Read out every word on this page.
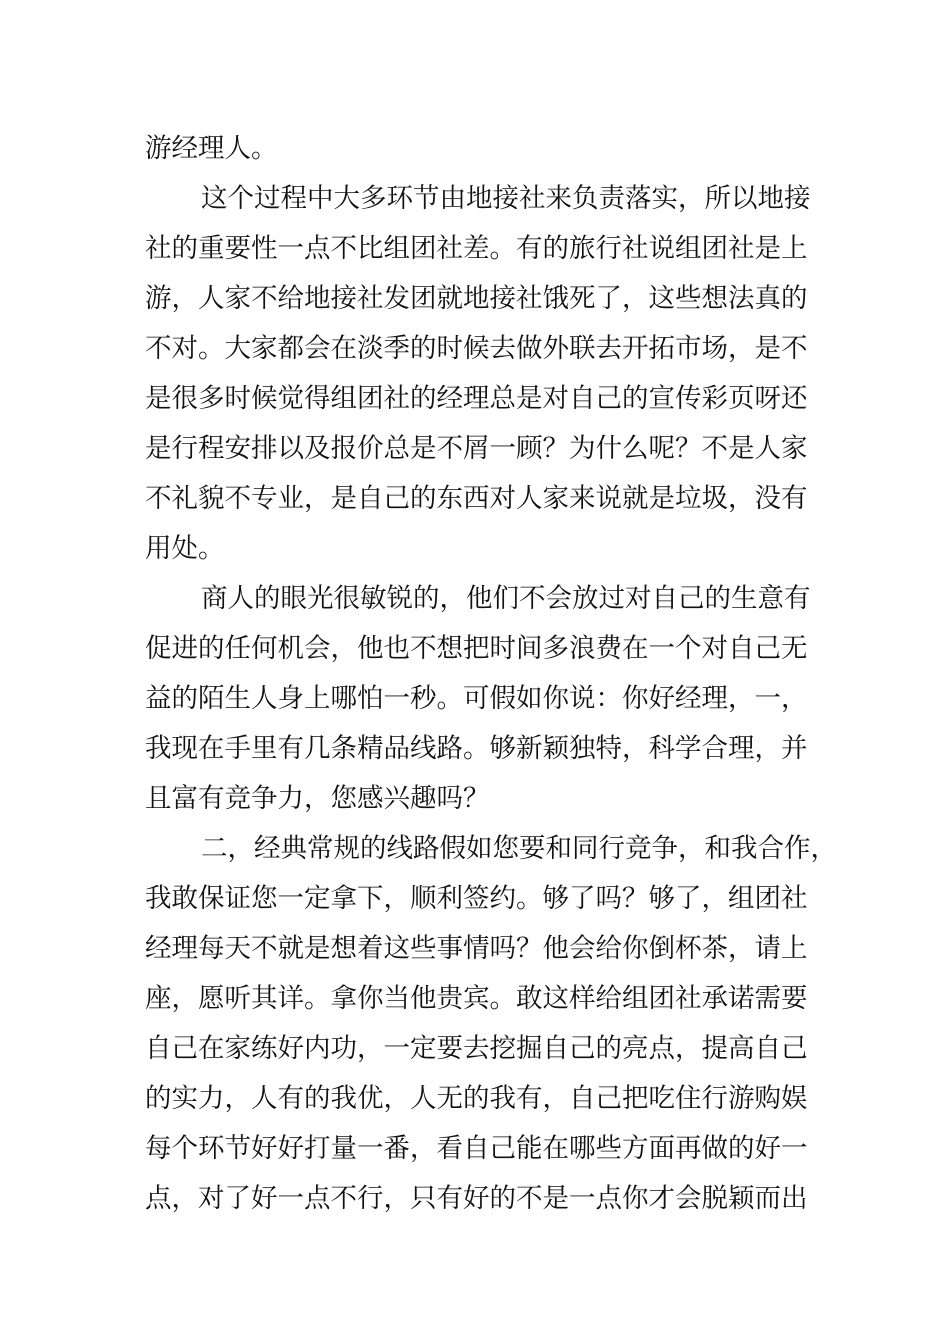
游经理人。
这个过程中大多环节由地接社来负责落实，所以地接
社的重要性一点不比组团社差。有的旅行社说组团社是上
游，人家不给地接社发团就地接社饿死了，这些想法真的
不对。大家都会在淡季的时候去做外联去开拓市场，是不
是很多时候觉得组团社的经理总是对自己的宣传彩页呀还
是行程安排以及报价总是不屑一顾？为什么呢？不是人家
不礼貌不专业，是自己的东西对人家来说就是垃圾，没有
用处。
商人的眼光很敏锐的，他们不会放过对自己的生意有
促进的任何机会，他也不想把时间多浪费在一个对自己无
益的陌生人身上哪怕一秒。可假如你说：你好经理，一，
我现在手里有几条精品线路。够新颖独特，科学合理，并
且富有竞争力，您感兴趣吗？
二，经典常规的线路假如您要和同行竞争，和我合作，
我敢保证您一定拿下，顺利签约。够了吗？够了，组团社
经理每天不就是想着这些事情吗？他会给你倒杯茶，请上
座，愿听其详。拿你当他贵宾。敢这样给组团社承诺需要
自己在家练好内功，一定要去挖掘自己的亮点，提高自己
的实力，人有的我优，人无的我有，自己把吃住行游购娱
每个环节好好打量一番，看自己能在哪些方面再做的好一
点，对了好一点不行，只有好的不是一点你才会脱颖而出
